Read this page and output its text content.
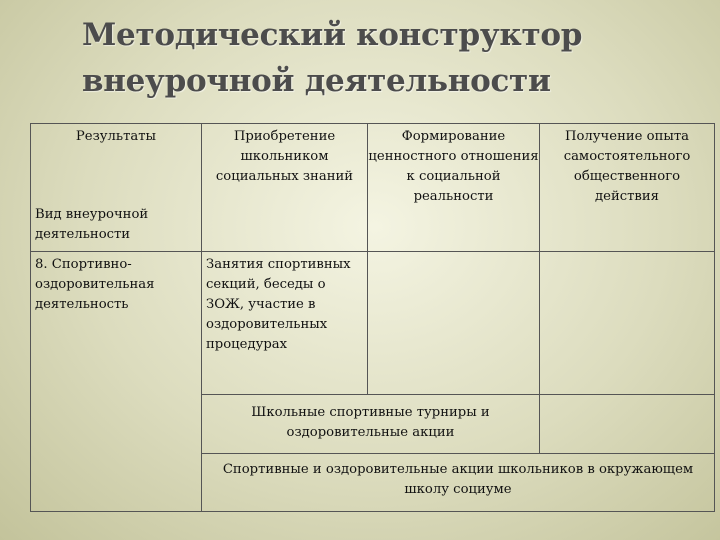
Методический конструктор
внеурочной деятельности
Результаты
Вид внеурочной деятельности
Приобретение школьником социальных знаний
Формирование ценностного отношения к социальной реальности
Получение опыта самостоятельного общественного действия
8. Спортивно-оздоровительная деятельность
Занятия спортивных секций, беседы о ЗОЖ, участие в оздоровительных процедурах
Школьные спортивные турниры и оздоровительные акции
Спортивные и оздоровительные акции школьников в окружающем школу социуме
